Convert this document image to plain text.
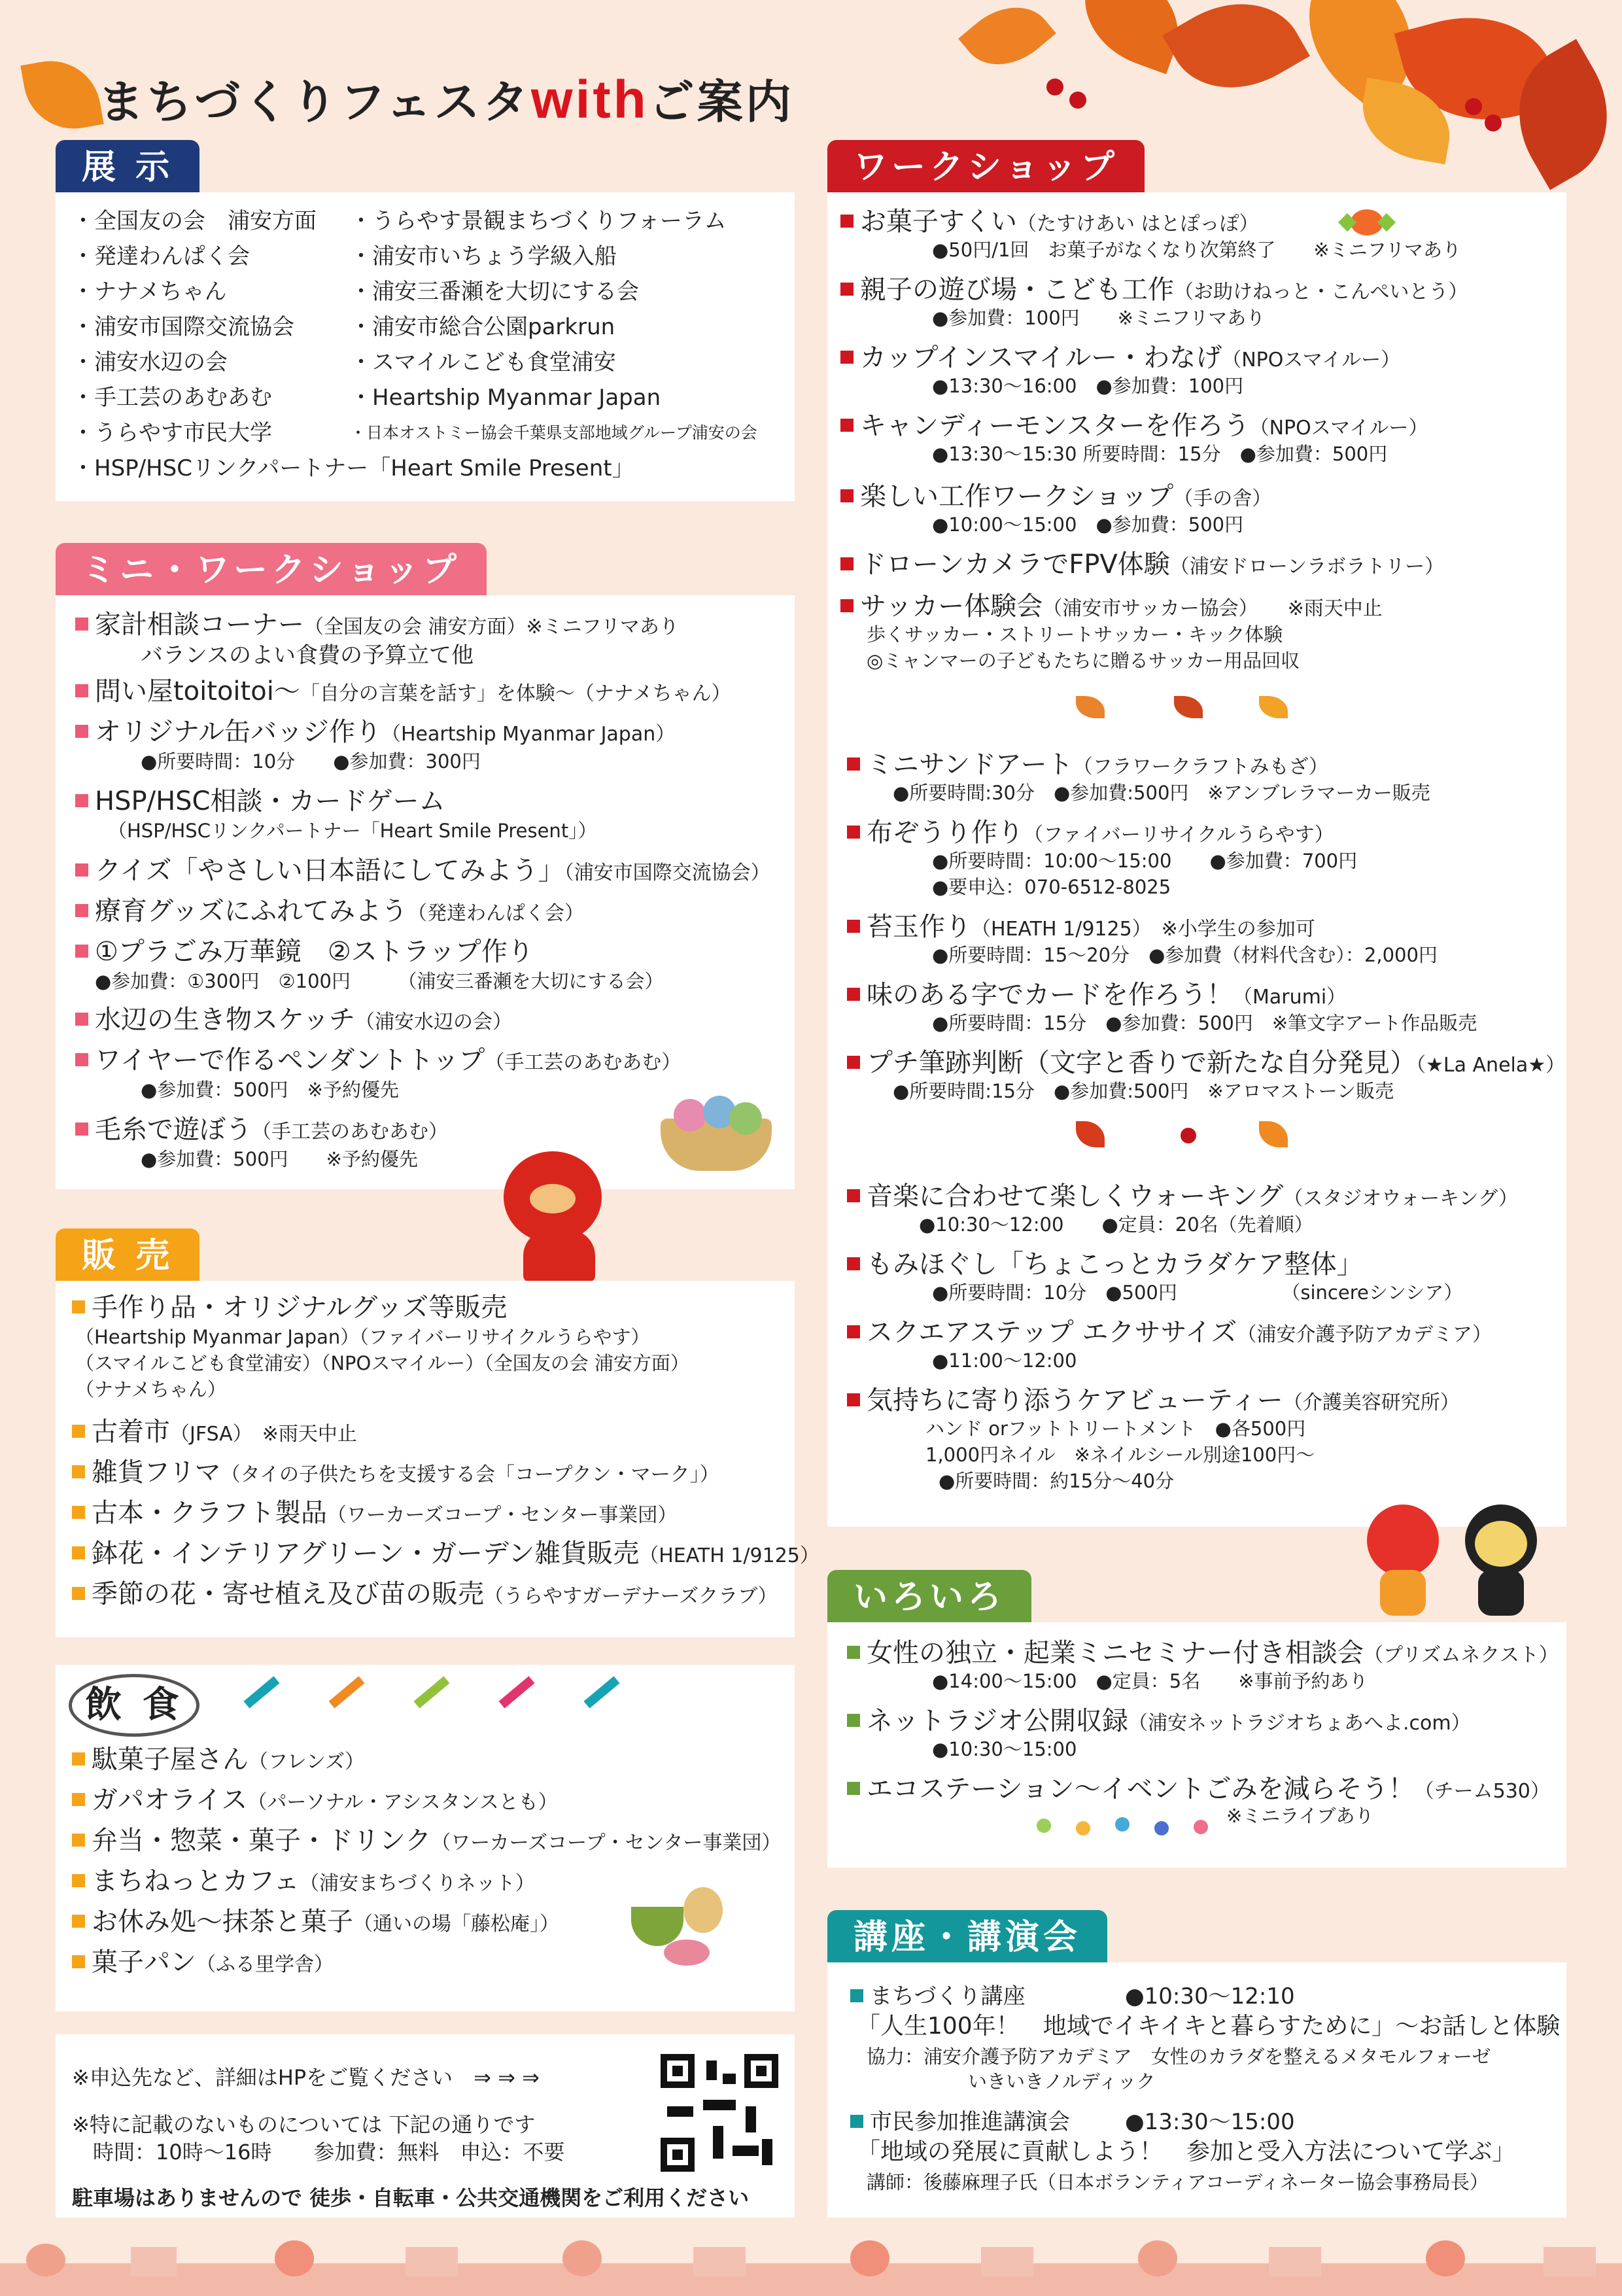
まちづくりフェスタwithご案内
展 示
・全国友の会　浦安方面 ・うらやす景観まちづくりフォーラム
・発達わんぱく会	・浦安市いちょう学級入船
・ナナメちゃん	・浦安三番瀬を大切にする会
・浦安市国際交流協会	・浦安市総合公園parkrun
・浦安水辺の会	・スマイルこども食堂浦安
・手工芸のあむあむ	・Heartship Myanmar Japan
・うらやす市民大学	・日本オストミー協会千葉県支部地域グループ浦安の会
・HSP/HSCリンクパートナー「Heart Smile Present」
ミニ・ワークショップ
家計相談コーナー（全国友の会 浦安方面）※ミニフリマあり
バランスのよい食費の予算立て他
問い屋toitoitoi～「自分の言葉を話す」を体験～（ナナメちゃん）
オリジナル缶バッジ作り（Heartship Myanmar Japan）
●所要時間：10分　　●参加費：300円
HSP/HSC相談・カードゲーム
（HSP/HSCリンクパートナー「Heart Smile Present」）
クイズ「やさしい日本語にしてみよう」（浦安市国際交流協会）
療育グッズにふれてみよう（発達わんぱく会）
①プラごみ万華鏡　②ストラップ作り
●参加費：①300円　②100円　　　（浦安三番瀬を大切にする会）
水辺の生き物スケッチ（浦安水辺の会）
ワイヤーで作るペンダントトップ（手工芸のあむあむ）
●参加費：500円　※予約優先
毛糸で遊ぼう（手工芸のあむあむ）
●参加費：500円　　※予約優先
販 売
手作り品・オリジナルグッズ等販売
（Heartship Myanmar Japan）（ファイバーリサイクルうらやす）
（スマイルこども食堂浦安）（NPOスマイルー）（全国友の会 浦安方面）
（ナナメちゃん）
古着市（JFSA）　※雨天中止
雑貨フリマ（タイの子供たちを支援する会「コープクン・マーク」）
古本・クラフト製品（ワーカーズコープ・センター事業団）
鉢花・インテリアグリーン・ガーデン雑貨販売（HEATH 1/9125）
季節の花・寄せ植え及び苗の販売（うらやすガーデナーズクラブ）
飲 食
駄菓子屋さん（フレンズ）
ガパオライス（パーソナル・アシスタンスとも）
弁当・惣菜・菓子・ドリンク（ワーカーズコープ・センター事業団）
まちねっとカフェ（浦安まちづくりネット）
お休み処～抹茶と菓子（通いの場「藤松庵」）
菓子パン（ふる里学舎）
※申込先など、詳細はHPをご覧ください　⇒ ⇒ ⇒
※特に記載のないものについては 下記の通りです
　時間：10時～16時　　参加費：無料　申込：不要
駐車場はありませんので 徒歩・自転車・公共交通機関をご利用ください
ワークショップ
お菓子すくい（たすけあい はとぽっぽ）
●50円/1回　お菓子がなくなり次第終了　　※ミニフリマあり
親子の遊び場・こども工作（お助けねっと・こんぺいとう）
●参加費：100円　　※ミニフリマあり
カップインスマイルー・わなげ（NPOスマイルー）
●13:30～16:00　●参加費：100円
キャンディーモンスターを作ろう（NPOスマイルー）
●13:30～15:30 所要時間：15分　●参加費：500円
楽しい工作ワークショップ（手の舎）
●10:00～15:00　●参加費：500円
ドローンカメラでFPV体験（浦安ドローンラボラトリー）
サッカー体験会（浦安市サッカー協会）　　※雨天中止
歩くサッカー・ストリートサッカー・キック体験
◎ミャンマーの子どもたちに贈るサッカー用品回収
ミニサンドアート（フラワークラフトみもざ）
●所要時間:30分　●参加費:500円　※アンブレラマーカー販売
布ぞうり作り（ファイバーリサイクルうらやす）
●所要時間：10:00～15:00　　●参加費：700円
●要申込：070-6512-8025
苔玉作り（HEATH 1/9125）　※小学生の参加可
●所要時間：15～20分　●参加費（材料代含む）：2,000円
味のある字でカードを作ろう！（Marumi）
●所要時間：15分　●参加費：500円　※筆文字アート作品販売
プチ筆跡判断（文字と香りで新たな自分発見）（★La Anela★）
●所要時間:15分　●参加費:500円　※アロマストーン販売
音楽に合わせて楽しくウォーキング（スタジオウォーキング）
●10:30～12:00　　●定員：20名（先着順）
もみほぐし「ちょこっとカラダケア整体」
●所要時間：10分　●500円　　　　　　（sincereシンシア）
スクエアステップ エクササイズ（浦安介護予防アカデミア）
●11:00～12:00
気持ちに寄り添うケアビューティー（介護美容研究所）
ハンド orフットトリートメント　●各500円
1,000円ネイル　※ネイルシール別途100円～
●所要時間：約15分～40分
いろいろ
女性の独立・起業ミニセミナー付き相談会（プリズムネクスト）
●14:00～15:00　●定員：5名　　※事前予約あり
ネットラジオ公開収録（浦安ネットラジオちょあへよ.com）
●10:30～15:00
エコステーション～イベントごみを減らそう！（チーム530）
※ミニライブあり
講座・講演会
まちづくり講座	●10:30～12:10
「人生100年！　地域でイキイキと暮らすために」～お話しと体験
協力：浦安介護予防アカデミア　女性のカラダを整えるメタモルフォーゼ
いきいきノルディック
市民参加推進講演会 ●13:30～15:00
「地域の発展に貢献しよう！　参加と受入方法について学ぶ」
講師：後藤麻理子氏（日本ボランティアコーディネーター協会事務局長）
